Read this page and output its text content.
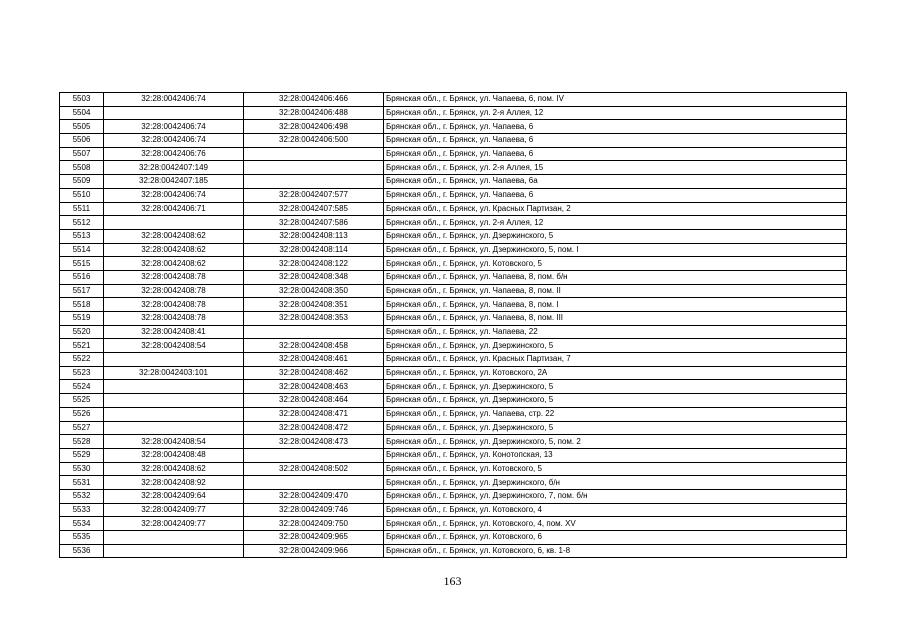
5503	32:28:0042406:74	32:28:0042406:466	Брянская обл., г. Брянск, ул. Чапаева, 6, пом. IV
5504		32:28:0042406:488	Брянская обл., г. Брянск, ул. 2-я Аллея, 12
5505	32:28:0042406:74	32:28:0042406:498	Брянская обл., г. Брянск, ул. Чапаева, 6
5506	32:28:0042406:74	32:28:0042406:500	Брянская обл., г. Брянск, ул. Чапаева, 6
5507	32:28:0042406:76		Брянская обл., г. Брянск, ул. Чапаева, 6
5508	32:28:0042407:149		Брянская обл., г. Брянск, ул. 2-я Аллея, 15
5509	32:28:0042407:185		Брянская обл., г. Брянск, ул. Чапаева, 6а
5510	32:28:0042406:74	32:28:0042407:577	Брянская обл., г. Брянск, ул. Чапаева, 6
5511	32:28:0042406:71	32:28:0042407:585	Брянская обл., г. Брянск, ул. Красных Партизан, 2
5512		32:28:0042407:586	Брянская обл., г. Брянск, ул. 2-я Аллея, 12
5513	32:28:0042408:62	32:28:0042408:113	Брянская обл., г. Брянск, ул. Дзержинского, 5
5514	32:28:0042408:62	32:28:0042408:114	Брянская обл., г. Брянск, ул. Дзержинского, 5, пом. I
5515	32:28:0042408:62	32:28:0042408:122	Брянская обл., г. Брянск, ул. Котовского, 5
5516	32:28:0042408:78	32:28:0042408:348	Брянская обл., г. Брянск, ул. Чапаева, 8, пом. б/н
5517	32:28:0042408:78	32:28:0042408:350	Брянская обл., г. Брянск, ул. Чапаева, 8, пом. II
5518	32:28:0042408:78	32:28:0042408:351	Брянская обл., г. Брянск, ул. Чапаева, 8, пом. I
5519	32:28:0042408:78	32:28:0042408:353	Брянская обл., г. Брянск, ул. Чапаева, 8, пом. III
5520	32:28:0042408:41		Брянская обл., г. Брянск, ул. Чапаева, 22
5521	32:28:0042408:54	32:28:0042408:458	Брянская обл., г. Брянск, ул. Дзержинского, 5
5522		32:28:0042408:461	Брянская обл., г. Брянск, ул. Красных Партизан, 7
5523	32:28:0042403:101	32:28:0042408:462	Брянская обл., г. Брянск, ул. Котовского, 2А
5524		32:28:0042408:463	Брянская обл., г. Брянск, ул. Дзержинского, 5
5525		32:28:0042408:464	Брянская обл., г. Брянск, ул. Дзержинского, 5
5526		32:28:0042408:471	Брянская обл., г. Брянск, ул. Чапаева, стр. 22
5527		32:28:0042408:472	Брянская обл., г. Брянск, ул. Дзержинского, 5
5528	32:28:0042408:54	32:28:0042408:473	Брянская обл., г. Брянск, ул. Дзержинского, 5, пом. 2
5529	32:28:0042408:48		Брянская обл., г. Брянск, ул. Конотопская, 13
5530	32:28:0042408:62	32:28:0042408:502	Брянская обл., г. Брянск, ул. Котовского, 5
5531	32:28:0042408:92		Брянская обл., г. Брянск, ул. Дзержинского, б/н
5532	32:28:0042409:64	32:28:0042409:470	Брянская обл., г. Брянск, ул. Дзержинского, 7, пом. б/н
5533	32:28:0042409:77	32:28:0042409:746	Брянская обл., г. Брянск, ул. Котовского, 4
5534	32:28:0042409:77	32:28:0042409:750	Брянская обл., г. Брянск, ул. Котовского, 4, пом. XV
5535		32:28:0042409:965	Брянская обл., г. Брянск, ул. Котовского, 6
5536		32:28:0042409:966	Брянская обл., г. Брянск, ул. Котовского, 6, кв. 1-8
163
